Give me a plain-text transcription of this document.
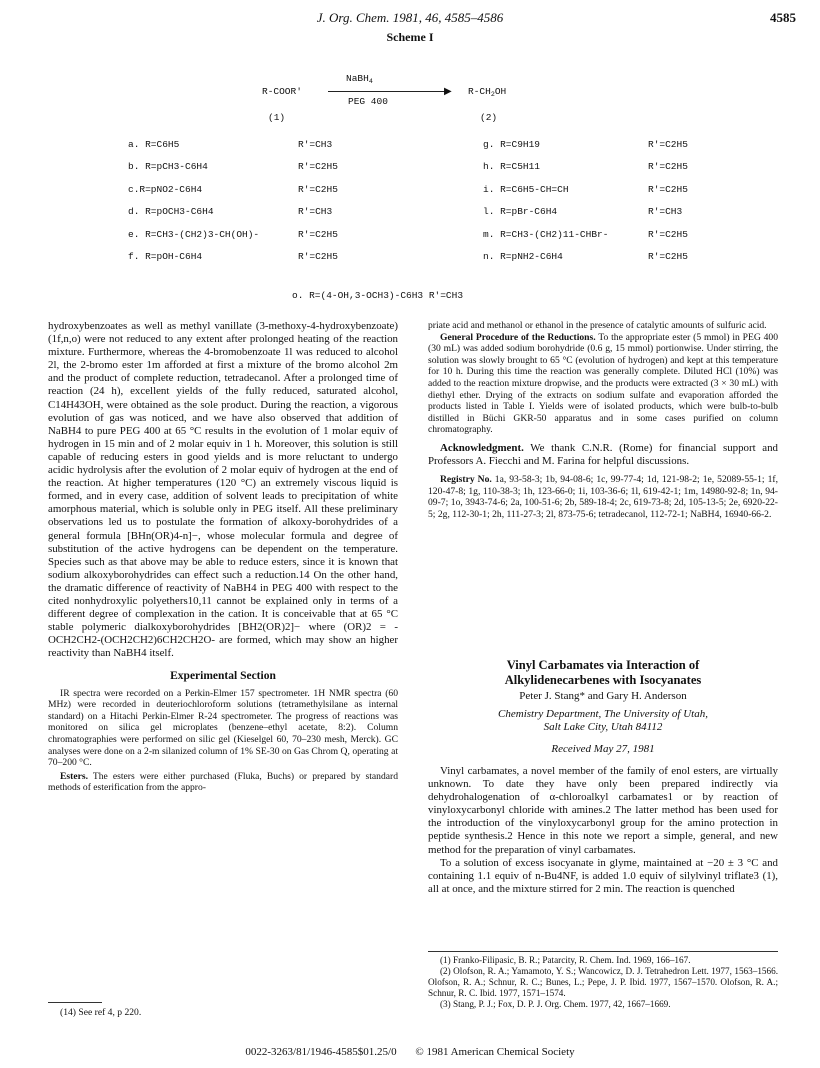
J. Org. Chem. 1981, 46, 4585–4586	4585
Scheme I
R-COOR'
NaBH$_4$
▶
PEG 400
$R-CH_2OH$
(1)	(2)
a. R=C6H5
b. R=pCH3-C6H4
c.R=pNO2-C6H4
d. R=pOCH3-C6H4
e. R=CH3-(CH2)3-CH(OH)-
f. R=pOH-C6H4
R'=CH3
R'=C2H5
R'=C2H5
R'=CH3
R'=C2H5
R'=C2H5
g. R=C9H19
h. R=C5H11
i. R=C6H5-CH=CH
l. R=pBr-C6H4
m. R=CH3-(CH2)11-CHBr-
n. R=pNH2-C6H4
R'=C2H5
R'=C2H5
R'=C2H5
R'=CH3
R'=C2H5
R'=C2H5
o. R=(4-OH,3-OCH3)-C6H3 R'=CH3

hydroxybenzoates as well as methyl vanillate (3-methoxy-4-hydroxybenzoate) (1f,n,o) were not reduced to any extent after prolonged heating of the reaction mixture. Furthermore, whereas the 4-bromobenzoate 1l was reduced to alcohol 2l, the 2-bromo ester 1m afforded at first a mixture of the bromo alcohol 2m and the product of complete reduction, tetradecanol. After a prolonged time of reaction (24 h), excellent yields of the fully reduced, saturated alcohol, C14H43OH, were obtained as the sole product. During the reaction, a vigorous evolution of gas was noticed, and we have also observed that addition of NaBH4 to pure PEG 400 at 65 °C results in the evolution of 1 molar equiv of hydrogen in 15 min and of 2 molar equiv in 1 h. Moreover, this solution is still capable of reducing esters in good yields and is more reluctant to undergo acidic hydrolysis after the evolution of 2 molar equiv of hydrogen at the end of the reaction. At higher temperatures (120 °C) an extremely viscous liquid is formed, and in every case, addition of solvent leads to precipitation of white amorphous material, which is soluble only in PEG itself. All these preliminary observations led us to postulate the formation of alkoxy-borohydrides of a general formula [BHn(OR)4-n]−, whose molecular formula and degree of substitution of the active hydrogens can be dependent on the temperature. Species such as that above may be able to reduce esters, since it is known that sodium alkoxyborohydrides can effect such a reduction.14 On the other hand, the dramatic difference of reactivity of NaBH4 in PEG 400 with respect to the cited nonhydroxylic polyethers10,11 cannot be explained only in terms of a different degree of complexation in the cation. It is conceivable that at 65 °C stable polymeric dialkoxyborohydrides [BH2(OR)2]− where (OR)2 = -OCH2CH2-(OCH2CH2)6CH2CH2O- are formed, which may show an higher reactivity than NaBH4 itself.

Experimental Section

IR spectra were recorded on a Perkin-Elmer 157 spectrometer. 1H NMR spectra (60 MHz) were recorded in deuteriochloroform solutions (tetramethylsilane as internal standard) on a Hitachi Perkin-Elmer R-24 spectrometer. The progress of reactions was monitored on silica gel microplates (benzene–ethyl acetate, 8:2). Column chromatographies were performed on silic gel (Kieselgel 60, 70–230 mesh, Merck). GC analyses were done on a 2-m silanized column of 1% SE-30 on Gas Chrom Q, operating at 70–200 °C.

Esters. The esters were either purchased (Fluka, Buchs) or prepared by standard methods of esterification from the appro-

(14) See ref 4, p 220.

priate acid and methanol or ethanol in the presence of catalytic amounts of sulfuric acid.

General Procedure of the Reductions. To the appropriate ester (5 mmol) in PEG 400 (30 mL) was added sodium borohydride (0.6 g, 15 mmol) portionwise. Under stirring, the solution was slowly brought to 65 °C (evolution of hydrogen) and kept at this temperature for 10 h. During this time the reaction was generally complete. Diluted HCl (10%) was added to the reaction mixture dropwise, and the products were extracted (3 × 30 mL) with diethyl ether. Drying of the extracts on sodium sulfate and evaporation afforded the products listed in Table I. Yields were of isolated products, which were bulb-to-bulb distilled in Büchi GKR-50 apparatus and in some cases purified on column chromatography.

Acknowledgment. We thank C.N.R. (Rome) for financial support and Professors A. Fiecchi and M. Farina for helpful discussions.

Registry No. 1a, 93-58-3; 1b, 94-08-6; 1c, 99-77-4; 1d, 121-98-2; 1e, 52089-55-1; 1f, 120-47-8; 1g, 110-38-3; 1h, 123-66-0; 1i, 103-36-6; 1l, 619-42-1; 1m, 14980-92-8; 1n, 94-09-7; 1o, 3943-74-6; 2a, 100-51-6; 2b, 589-18-4; 2c, 619-73-8; 2d, 105-13-5; 2e, 6920-22-5; 2g, 112-30-1; 2h, 111-27-3; 2l, 873-75-6; tetradecanol, 112-72-1; NaBH4, 16940-66-2.

Vinyl Carbamates via Interaction of
Alkylidenecarbenes with Isocyanates
Peter J. Stang* and Gary H. Anderson
Chemistry Department, The University of Utah,
Salt Lake City, Utah 84112
Received May 27, 1981

Vinyl carbamates, a novel member of the family of enol esters, are virtually unknown. To date they have only been prepared indirectly via dehydrohalogenation of α-chloroalkyl carbamates1 or by reaction of vinyloxycarbonyl chloride with amines.2 The latter method has been used for the introduction of the vinyloxycarbonyl group for the amino protection in peptide synthesis.2 Hence in this note we report a simple, general, and new method for the preparation of vinyl carbamates.

To a solution of excess isocyanate in glyme, maintained at −20 ± 3 °C and containing 1.1 equiv of n-Bu4NF, is added 1.0 equiv of silylvinyl triflate3 (1), all at once, and the mixture stirred for 2 min. The reaction is quenched

(1) Franko-Filipasic, B. R.; Patarcity, R. Chem. Ind. 1969, 166–167.
(2) Olofson, R. A.; Yamamoto, Y. S.; Wancowicz, D. J. Tetrahedron Lett. 1977, 1563–1566. Olofson, R. A.; Schnur, R. C.; Bunes, L.; Pepe, J. P. Ibid. 1977, 1567–1570. Olofson, R. A.; Schnur, R. C. Ibid. 1977, 1571–1574.
(3) Stang, P. J.; Fox, D. P. J. Org. Chem. 1977, 42, 1667–1669.
0022-3263/81/1946-4585$01.25/0 © 1981 American Chemical Society
